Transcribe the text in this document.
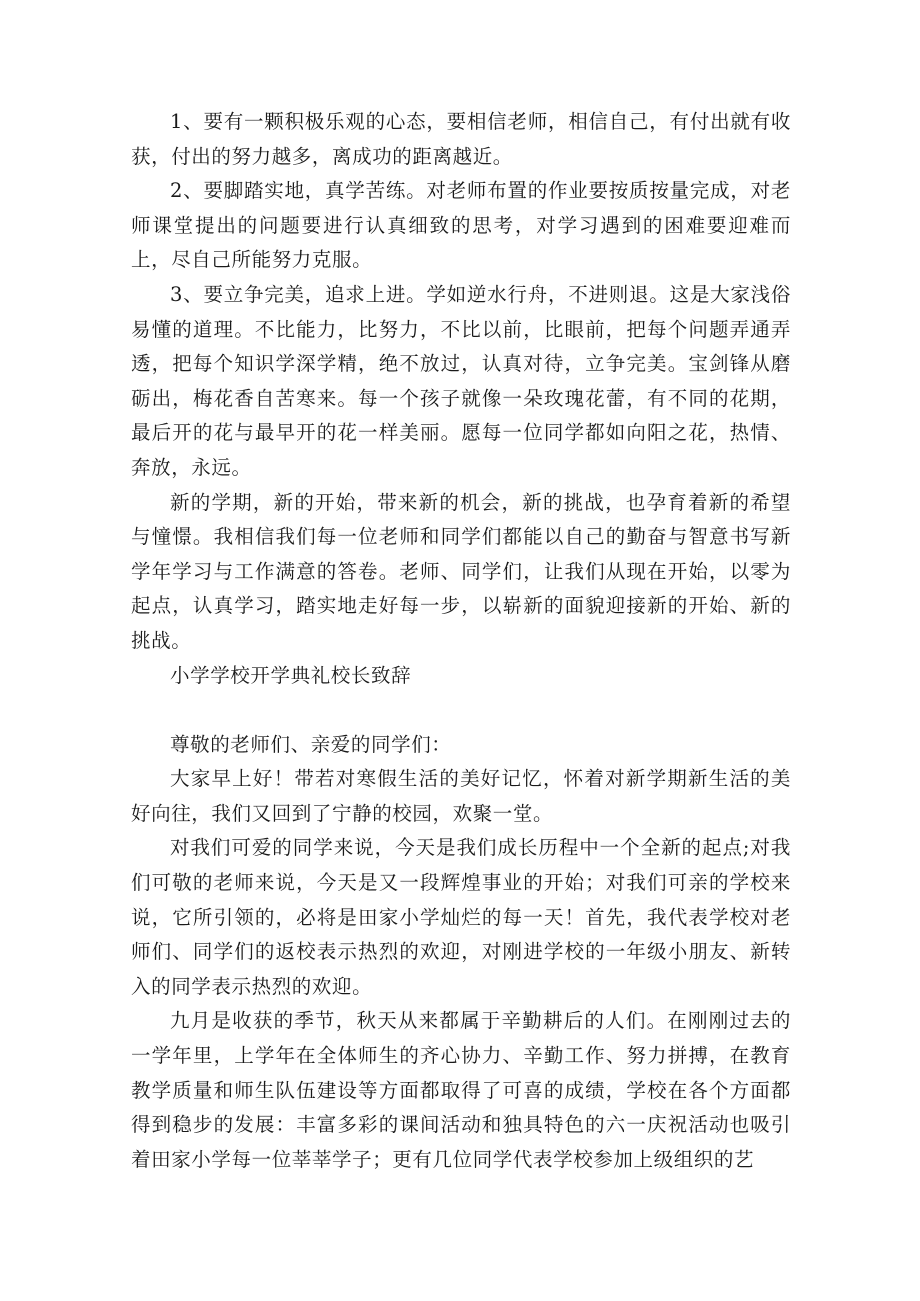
1、要有一颗积极乐观的心态，要相信老师，相信自己，有付出就有收获，付出的努力越多，离成功的距离越近。

2、要脚踏实地，真学苦练。对老师布置的作业要按质按量完成，对老师课堂提出的问题要进行认真细致的思考，对学习遇到的困难要迎难而上，尽自己所能努力克服。

3、要立争完美，追求上进。学如逆水行舟，不进则退。这是大家浅俗易懂的道理。不比能力，比努力，不比以前，比眼前，把每个问题弄通弄透，把每个知识学深学精，绝不放过，认真对待，立争完美。宝剑锋从磨砺出，梅花香自苦寒来。每一个孩子就像一朵玫瑰花蕾，有不同的花期，最后开的花与最早开的花一样美丽。愿每一位同学都如向阳之花，热情、奔放，永远。

新的学期，新的开始，带来新的机会，新的挑战，也孕育着新的希望与憧憬。我相信我们每一位老师和同学们都能以自己的勤奋与智意书写新学年学习与工作满意的答卷。老师、同学们，让我们从现在开始，以零为起点，认真学习，踏实地走好每一步，以崭新的面貌迎接新的开始、新的挑战。

小学学校开学典礼校长致辞

尊敬的老师们、亲爱的同学们：

大家早上好！带若对寒假生活的美好记忆，怀着对新学期新生活的美好向往，我们又回到了宁静的校园，欢聚一堂。

对我们可爱的同学来说，今天是我们成长历程中一个全新的起点;对我们可敬的老师来说，今天是又一段辉煌事业的开始；对我们可亲的学校来说，它所引领的，必将是田家小学灿烂的每一天！首先，我代表学校对老师们、同学们的返校表示热烈的欢迎，对刚进学校的一年级小朋友、新转入的同学表示热烈的欢迎。

九月是收获的季节，秋天从来都属于辛勤耕后的人们。在刚刚过去的一学年里，上学年在全体师生的齐心协力、辛勤工作、努力拼搏，在教育教学质量和师生队伍建设等方面都取得了可喜的成绩，学校在各个方面都得到稳步的发展：丰富多彩的课间活动和独具特色的六一庆祝活动也吸引着田家小学每一位莘莘学子；更有几位同学代表学校参加上级组织的艺
